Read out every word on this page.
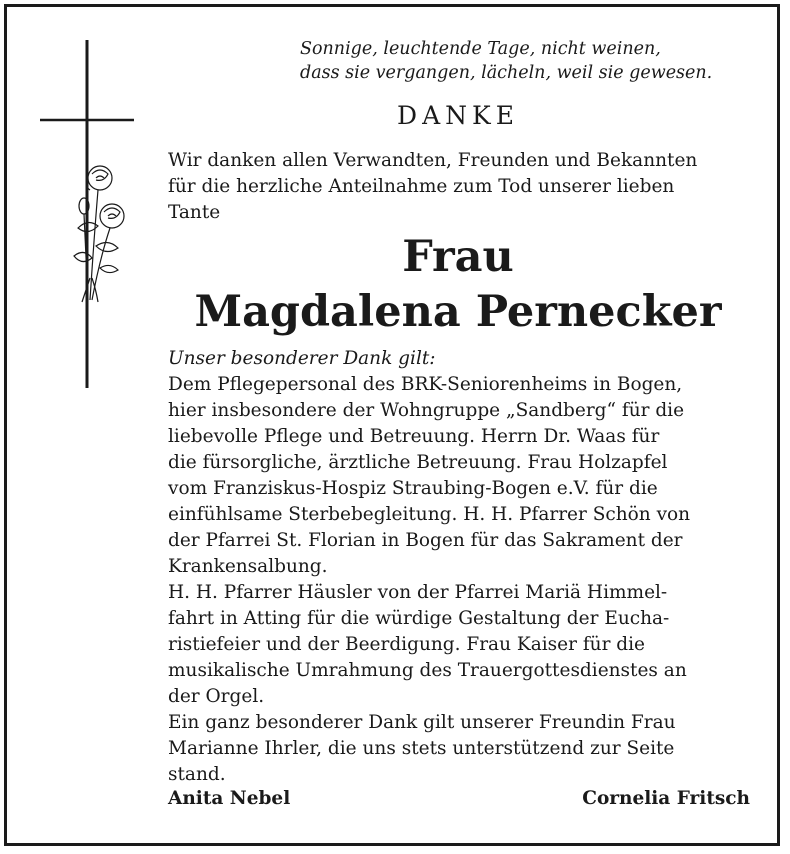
Sonnige, leuchtende Tage, nicht weinen,
dass sie vergangen, lächeln, weil sie gewesen.
DANKE
Wir danken allen Verwandten, Freunden und Bekannten
für die herzliche Anteilnahme zum Tod unserer lieben
Tante
Frau
Magdalena Pernecker
Unser besonderer Dank gilt:

Dem Pflegepersonal des BRK-Seniorenheims in Bogen,
hier insbesondere der Wohngruppe „Sandberg“ für die
liebevolle Pflege und Betreuung. Herrn Dr. Waas für
die fürsorgliche, ärztliche Betreuung. Frau Holzapfel
vom Franziskus-Hospiz Straubing-Bogen e.V. für die
einfühlsame Sterbebegleitung. H. H. Pfarrer Schön von
der Pfarrei St. Florian in Bogen für das Sakrament der
Krankensalbung.

H. H. Pfarrer Häusler von der Pfarrei Mariä Himmel-
fahrt in Atting für die würdige Gestaltung der Eucha-
ristiefeier und der Beerdigung. Frau Kaiser für die
musikalische Umrahmung des Trauergottesdienstes an
der Orgel.

Ein ganz besonderer Dank gilt unserer Freundin Frau
Marianne Ihrler, die uns stets unterstützend zur Seite
stand.

Anita Nebel	Cornelia Fritsch
